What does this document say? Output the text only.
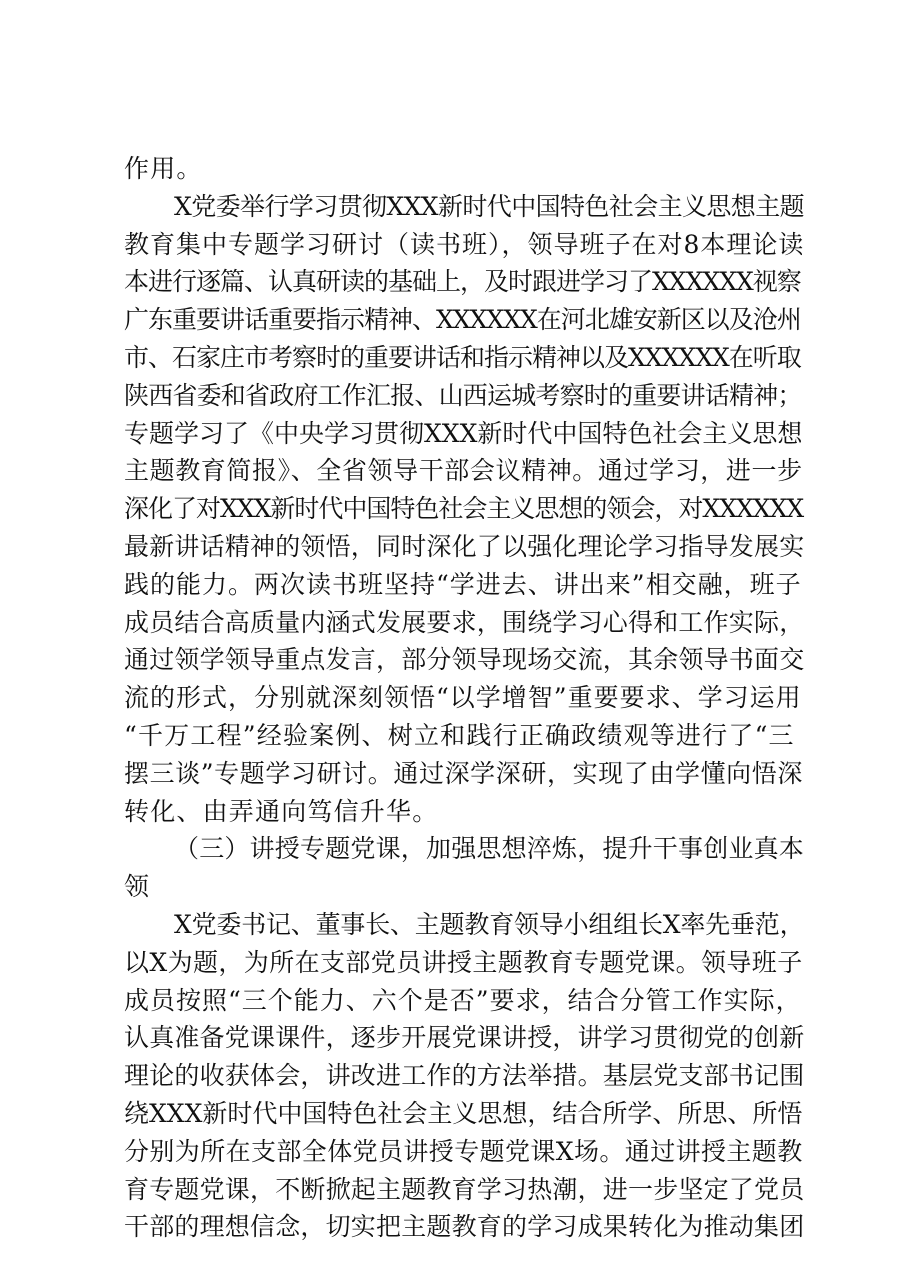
作用。
X党委举行学习贯彻XXX新时代中国特色社会主义思想主题
教育集中专题学习研讨（读书班），领导班子在对8本理论读
本进行逐篇、认真研读的基础上，及时跟进学习了XXXXXX视察
广东重要讲话重要指示精神、XXXXXX在河北雄安新区以及沧州
市、石家庄市考察时的重要讲话和指示精神以及XXXXXX在听取
陕西省委和省政府工作汇报、山西运城考察时的重要讲话精神；
专题学习了《中央学习贯彻XXX新时代中国特色社会主义思想
主题教育简报》、全省领导干部会议精神。通过学习，进一步
深化了对XXX新时代中国特色社会主义思想的领会，对XXXXXX
最新讲话精神的领悟，同时深化了以强化理论学习指导发展实
践的能力。两次读书班坚持“学进去、讲出来”相交融，班子
成员结合高质量内涵式发展要求，围绕学习心得和工作实际，
通过领学领导重点发言，部分领导现场交流，其余领导书面交
流的形式，分别就深刻领悟“以学增智”重要要求、学习运用
“千万工程”经验案例、树立和践行正确政绩观等进行了“三
摆三谈”专题学习研讨。通过深学深研，实现了由学懂向悟深
转化、由弄通向笃信升华。
（三）讲授专题党课，加强思想淬炼，提升干事创业真本
领
X党委书记、董事长、主题教育领导小组组长X率先垂范，
以X为题，为所在支部党员讲授主题教育专题党课。领导班子
成员按照“三个能力、六个是否”要求，结合分管工作实际，
认真准备党课课件，逐步开展党课讲授，讲学习贯彻党的创新
理论的收获体会，讲改进工作的方法举措。基层党支部书记围
绕XXX新时代中国特色社会主义思想，结合所学、所思、所悟
分别为所在支部全体党员讲授专题党课X场。通过讲授主题教
育专题党课，不断掀起主题教育学习热潮，进一步坚定了党员
干部的理想信念，切实把主题教育的学习成果转化为推动集团
